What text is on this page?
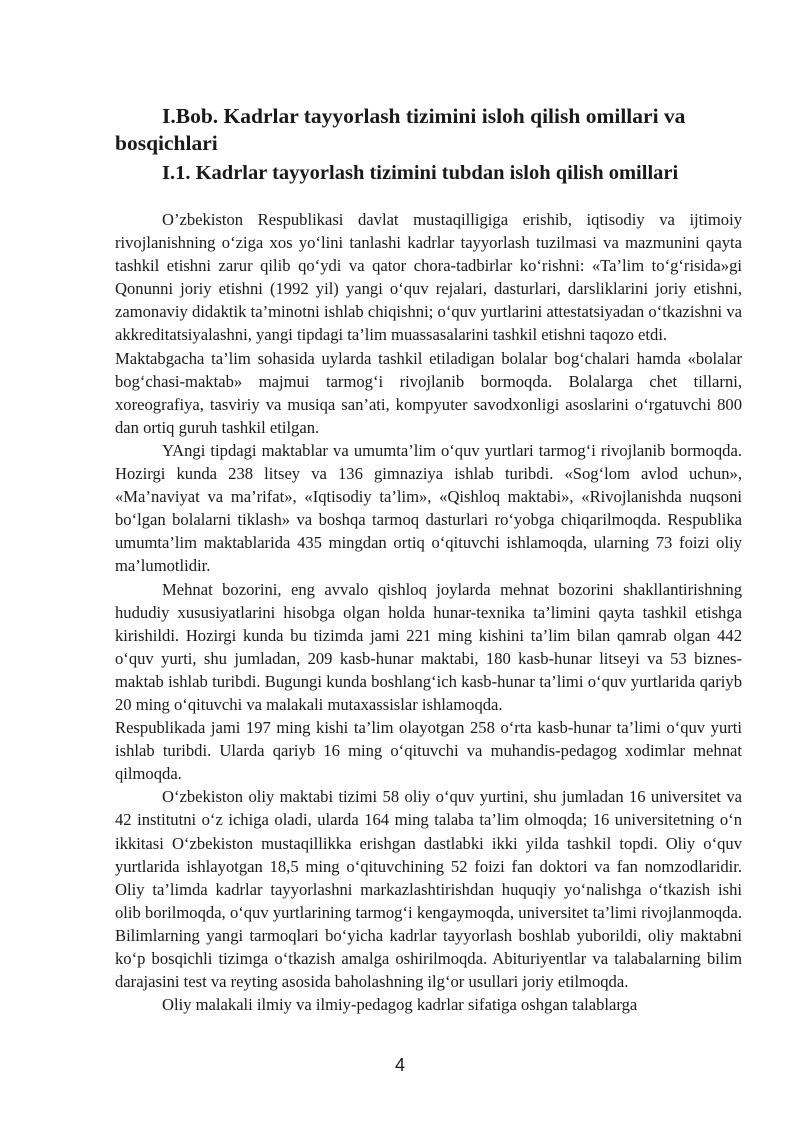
I.Bob. Kadrlar tayyorlash tizimini isloh qilish omillari va bosqichlari
I.1. Kadrlar tayyorlash tizimini tubdan isloh qilish omillari

O’zbekiston Respublikasi davlat mustaqilligiga erishib, iqtisodiy va ijtimoiy rivojlanishning o‘ziga xos yo‘lini tanlashi kadrlar tayyorlash tuzilmasi va mazmunini qayta tashkil etishni zarur qilib qo‘ydi va qator chora-tadbirlar ko‘rishni: «Ta’lim to‘g‘risida»gi Qonunni joriy etishni (1992 yil) yangi o‘quv rejalari, dasturlari, darsliklarini joriy etishni, zamonaviy didaktik ta’minotni ishlab chiqishni; o‘quv yurtlarini attestatsiyadan o‘tkazishni va akkreditatsiyalashni, yangi tipdagi ta’lim muassasalarini tashkil etishni taqozo etdi.

Maktabgacha ta’lim sohasida uylarda tashkil etiladigan bolalar bog‘chalari hamda «bolalar bog‘chasi-maktab» majmui tarmog‘i rivojlanib bormoqda. Bolalarga chet tillarni, xoreografiya, tasviriy va musiqa san’ati, kompyuter savodxonligi asoslarini o‘rgatuvchi 800 dan ortiq guruh tashkil etilgan.

YAngi tipdagi maktablar va umumta’lim o‘quv yurtlari tarmog‘i rivojlanib bormoqda. Hozirgi kunda 238 litsey va 136 gimnaziya ishlab turibdi. «Sog‘lom avlod uchun», «Ma’naviyat va ma’rifat», «Iqtisodiy ta’lim», «Qishloq maktabi», «Rivojlanishda nuqsoni bo‘lgan bolalarni tiklash» va boshqa tarmoq dasturlari ro‘yobga chiqarilmoqda. Respublika umumta’lim maktablarida 435 mingdan ortiq o‘qituvchi ishlamoqda, ularning 73 foizi oliy ma’lumotlidir.

Mehnat bozorini, eng avvalo qishloq joylarda mehnat bozorini shakllantirishning hududiy xususiyatlarini hisobga olgan holda hunar-texnika ta’limini qayta tashkil etishga kirishildi. Hozirgi kunda bu tizimda jami 221 ming kishini ta’lim bilan qamrab olgan 442 o‘quv yurti, shu jumladan, 209 kasb-hunar maktabi, 180 kasb-hunar litseyi va 53 biznes-maktab ishlab turibdi. Bugungi kunda boshlang‘ich kasb-hunar ta’limi o‘quv yurtlarida qariyb 20 ming o‘qituvchi va malakali mutaxassislar ishlamoqda.

Respublikada jami 197 ming kishi ta’lim olayotgan 258 o‘rta kasb-hunar ta’limi o‘quv yurti ishlab turibdi. Ularda qariyb 16 ming o‘qituvchi va muhandis-pedagog xodimlar mehnat qilmoqda.

O‘zbekiston oliy maktabi tizimi 58 oliy o‘quv yurtini, shu jumladan 16 universitet va 42 institutni o‘z ichiga oladi, ularda 164 ming talaba ta’lim olmoqda; 16 universitetning o‘n ikkitasi O‘zbekiston mustaqillikka erishgan dastlabki ikki yilda tashkil topdi. Oliy o‘quv yurtlarida ishlayotgan 18,5 ming o‘qituvchining 52 foizi fan doktori va fan nomzodlaridir. Oliy ta’limda kadrlar tayyorlashni markazlashtirishdan huquqiy yo‘nalishga o‘tkazish ishi olib borilmoqda, o‘quv yurtlarining tarmog‘i kengaymoqda, universitet ta’limi rivojlanmoqda. Bilimlarning yangi tarmoqlari bo‘yicha kadrlar tayyorlash boshlab yuborildi, oliy maktabni ko‘p bosqichli tizimga o‘tkazish amalga oshirilmoqda. Abituriyentlar va talabalarning bilim darajasini test va reyting asosida baholashning ilg‘or usullari joriy etilmoqda.

Oliy malakali ilmiy va ilmiy-pedagog kadrlar sifatiga oshgan talablarga

4
